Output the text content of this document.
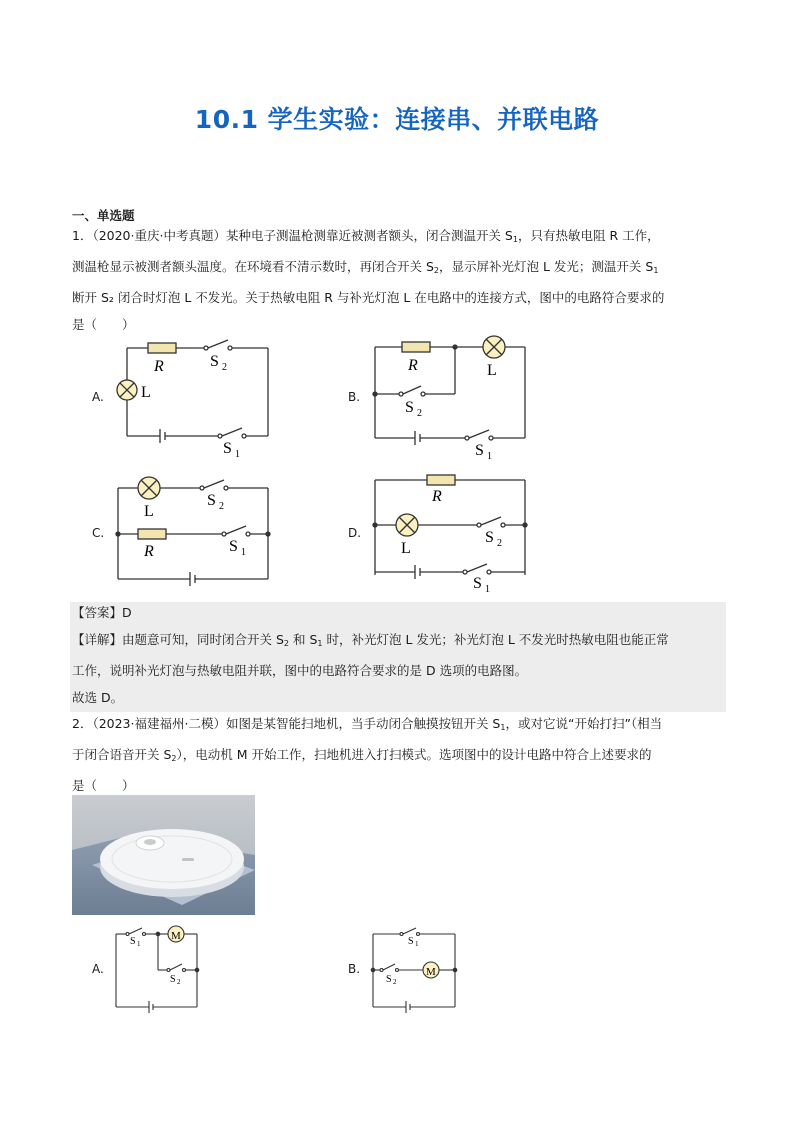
10.1 学生实验：连接串、并联电路
一、单选题
1．（2020·重庆·中考真题）某种电子测温枪测靠近被测者额头，闭合测温开关 $S_1$，只有热敏电阻 R 工作，
测温枪显示被测者额头温度。在环境看不清示数时，再闭合开关 $S_2$，显示屏补光灯泡 L 发光；测温开关 $S_1$
断开 S₂ 闭合时灯泡 L 不发光。关于热敏电阻 R 与补光灯泡 L 在电路中的连接方式，图中的电路符合要求的
是（　　）
A.
R	S 2
L
S 1
B.
R	L
S 2
S 1
C.
L
S 2
R	S 1
D.
R
L
S 2
S 1
【答案】D
【详解】由题意可知，同时闭合开关 $S_2$ 和 $S_1$ 时，补光灯泡 L 发光；补光灯泡 L 不发光时热敏电阻也能正常
工作，说明补光灯泡与热敏电阻并联，图中的电路符合要求的是 D 选项的电路图。
故选 D。
2．（2023·福建福州·二模）如图是某智能扫地机，当手动闭合触摸按钮开关 $S_1$，或对它说“开始打扫”（相当
于闭合语音开关 $S_2$），电动机 M 开始工作，扫地机进入打扫模式。选项图中的设计电路中符合上述要求的
是（　　）
A.
M
S 1
S 2
B.	M
S 1
S 2
